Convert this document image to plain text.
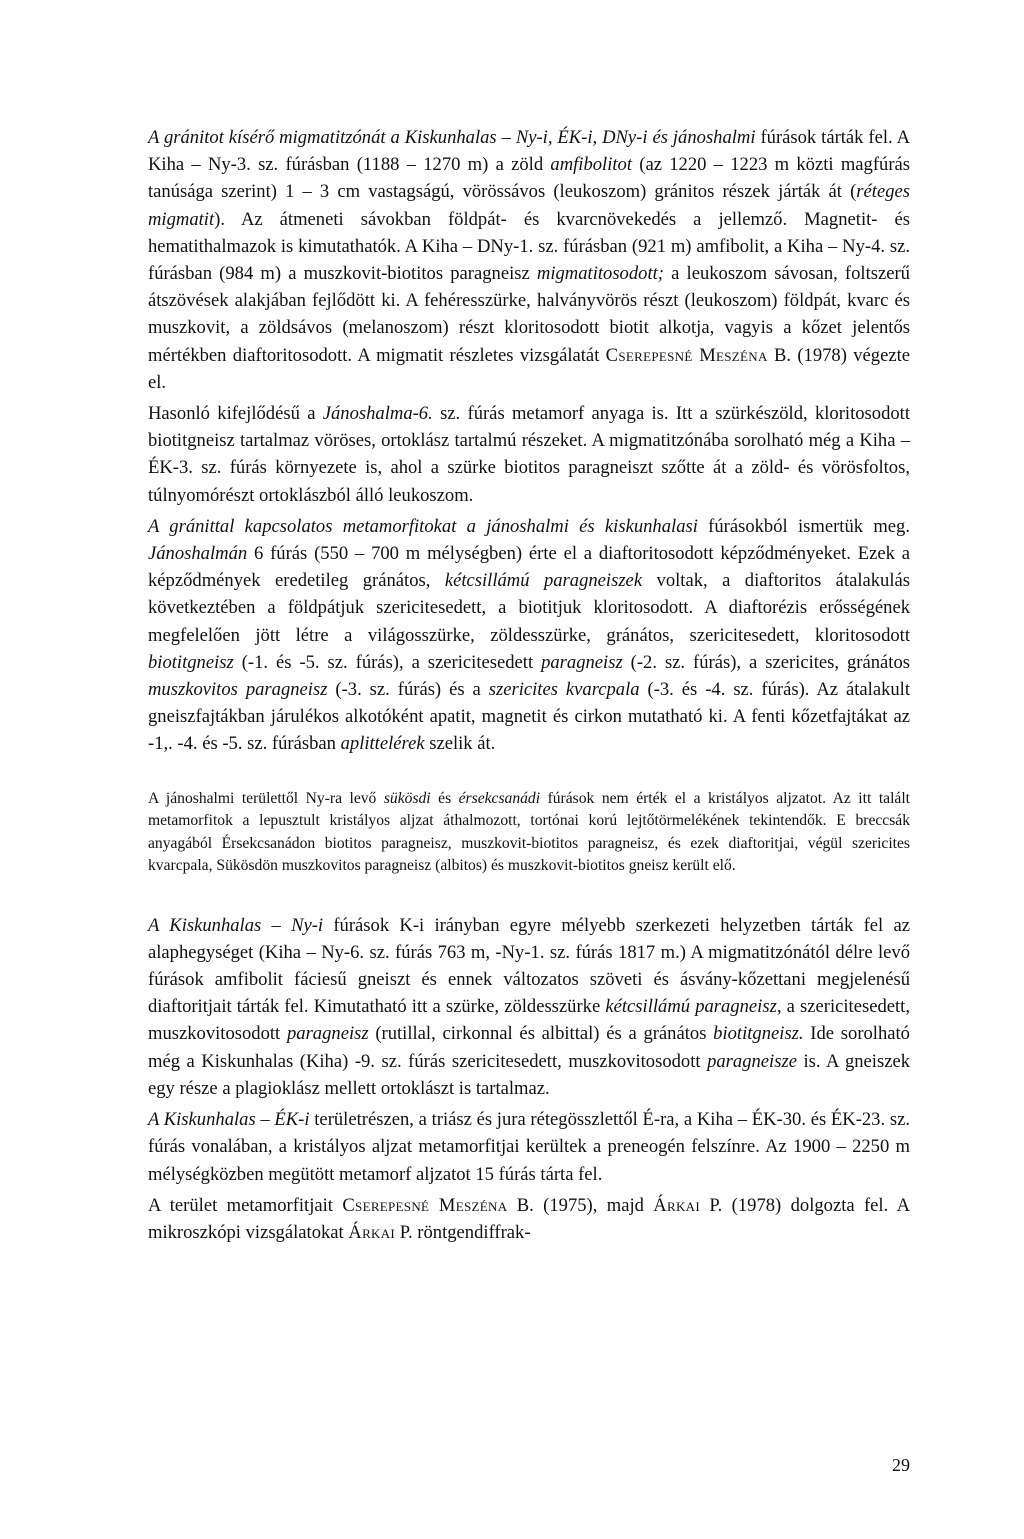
A gránitot kísérő migmatitzónát a Kiskunhalas – Ny-i, ÉK-i, DNy-i és jánoshalmi fúrások tárták fel. A Kiha – Ny-3. sz. fúrásban (1188 – 1270 m) a zöld amfibolitot (az 1220 – 1223 m közti magfúrás tanúsága szerint) 1 – 3 cm vastagságú, vörössávos (leukoszom) gránitos részek járták át (réteges migmatit). Az átmeneti sávokban földpát- és kvarcnövekedés a jellemző. Magnetit- és hematithalmazok is kimutathatók. A Kiha – DNy-1. sz. fúrásban (921 m) amfibolit, a Kiha – Ny-4. sz. fúrásban (984 m) a muszkovit-biotitos paragneisz migmatitosodott; a leukoszom sávosan, foltszerű átszövések alakjában fejlődött ki. A fehéresszürke, halványvörös részt (leukoszom) földpát, kvarc és muszkovit, a zöldsávos (melanoszom) részt kloritosodott biotit alkotja, vagyis a kőzet jelentős mértékben diaftoritosodott. A migmatit részletes vizsgálatát Cserepesné Meszéna B. (1978) végezte el.

Hasonló kifejlődésű a Jánoshalma-6. sz. fúrás metamorf anyaga is. Itt a szürkészöld, kloritosodott biotitgneisz tartalmaz vöröses, ortoklász tartalmú részeket. A migmatitzónába sorolható még a Kiha – ÉK-3. sz. fúrás környezete is, ahol a szürke biotitos paragneiszt szőtte át a zöld- és vörösfoltos, túlnyomórészt ortoklászból álló leukoszom.

A gránittal kapcsolatos metamorfitokat a jánoshalmi és kiskunhalasi fúrásokból ismertük meg. Jánoshalmán 6 fúrás (550 – 700 m mélységben) érte el a diaftoritosodott képződményeket. Ezek a képződmények eredetileg gránátos, kétcsillámú paragneiszek voltak, a diaftoritos átalakulás következtében a földpátjuk szericitesedett, a biotitjuk kloritosodott. A diaftorézis erősségének megfelelően jött létre a világosszürke, zöldesszürke, gránátos, szericitesedett, kloritosodott biotitgneisz (-1. és -5. sz. fúrás), a szericitesedett paragneisz (-2. sz. fúrás), a szericites, gránátos muszkovitos paragneisz (-3. sz. fúrás) és a szericites kvarcpala (-3. és -4. sz. fúrás). Az átalakult gneiszfajtákban járulékos alkotóként apatit, magnetit és cirkon mutatható ki. A fenti kőzetfajtákat az -1,. -4. és -5. sz. fúrásban aplittelérek szelik át.

A jánoshalmi területtől Ny-ra levő sükösdi és érsekcsanádi fúrások nem érték el a kristályos aljzatot. Az itt talált metamorfitok a lepusztult kristályos aljzat áthalmozott, tortónai korú lejtőtörmelékének tekintendők. E breccsák anyagából Érsekcsanádon biotitos paragneisz, muszkovit-biotitos paragneisz, és ezek diaftoritjai, végül szericites kvarcpala, Sükösdön muszkovitos paragneisz (albitos) és muszkovit-biotitos gneisz került elő.

A Kiskunhalas – Ny-i fúrások K-i irányban egyre mélyebb szerkezeti helyzetben tárták fel az alaphegységet (Kiha – Ny-6. sz. fúrás 763 m, -Ny-1. sz. fúrás 1817 m.) A migmatitzónától délre levő fúrások amfibolit fáciesű gneiszt és ennek változatos szöveti és ásvány-kőzettani megjelenésű diaftoritjait tárták fel. Kimutatható itt a szürke, zöldesszürke kétcsillámú paragneisz, a szericitesedett, muszkovitosodott paragneisz (rutillal, cirkonnal és albittal) és a gránátos biotitgneisz. Ide sorolható még a Kiskunhalas (Kiha) -9. sz. fúrás szericitesedett, muszkovitosodott paragneisze is. A gneiszek egy része a plagioklász mellett ortoklászt is tartalmaz.

A Kiskunhalas – ÉK-i területrészen, a triász és jura rétegösszlettől É-ra, a Kiha – ÉK-30. és ÉK-23. sz. fúrás vonalában, a kristályos aljzat metamorfitjai kerültek a preneogén felszínre. Az 1900 – 2250 m mélységközben megütött metamorf aljzatot 15 fúrás tárta fel.

A terület metamorfitjait Cserepesné Meszéna B. (1975), majd Árkai P. (1978) dolgozta fel. A mikroszkópi vizsgálatokat Árkai P. röntgendiffrak-

29
